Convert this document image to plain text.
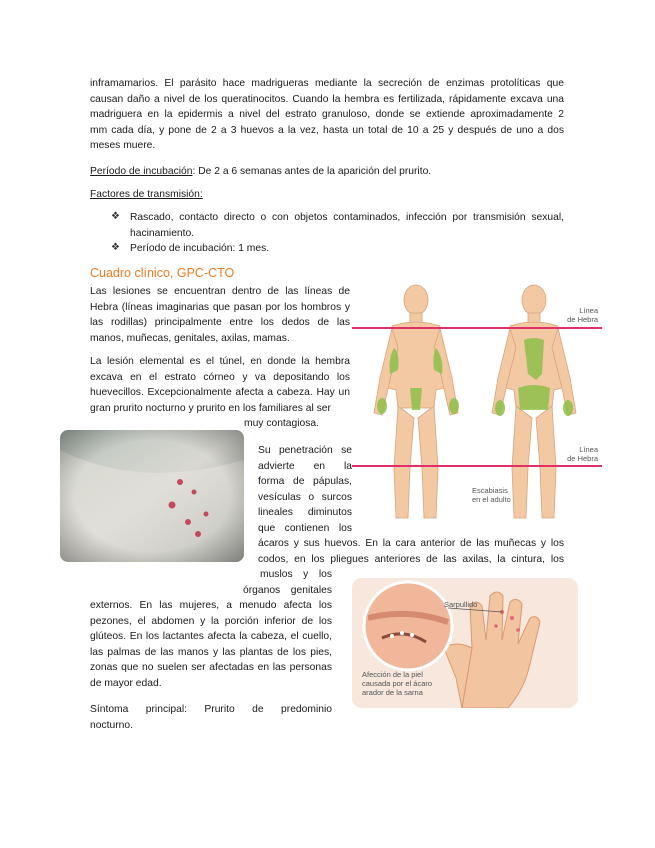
inframamarios. El parásito hace madrigueras mediante la secreción de enzimas protolíticas que
causan daño a nivel de los queratinocitos. Cuando la hembra es fertilizada, rápidamente excava una
madriguera en la epidermis a nivel del estrato granuloso, donde se extiende aproximadamente 2
mm cada día, y pone de 2 a 3 huevos a la vez, hasta un total de 10 a 25 y después de uno a dos
meses muere.
Período de incubación: De 2 a 6 semanas antes de la aparición del prurito.
Factores de transmisión:
❖ Rascado, contacto directo o con objetos contaminados, infección por transmisión sexual,
hacinamiento.
❖ Período de incubación: 1 mes.
Cuadro clínico, GPC-CTO
Las lesiones se encuentran dentro de las líneas de
Hebra (líneas imaginarias que pasan por los hombros y
las rodillas) principalmente entre los dedos de las
manos, muñecas, genitales, axilas, mamas.
La lesión elemental es el túnel, en donde la hembra
excava en el estrato córneo y va depositando los
huevecillos. Excepcionalmente afecta a cabeza. Hay un
gran prurito nocturno y prurito en los familiares al ser
muy contagiosa.
Su penetración se
advierte en la
forma de pápulas,
vesículas o surcos
lineales diminutos
que contienen los
ácaros y sus huevos. En la cara anterior de las muñecas y los
codos, en los pliegues anteriores de las axilas, la cintura, los
muslos y los
órganos genitales
externos. En las mujeres, a menudo afecta los
pezones, el abdomen y la porción inferior de los
glúteos. En los lactantes afecta la cabeza, el cuello,
las palmas de las manos y las plantas de los pies,
zonas que no suelen ser afectadas en las personas
de mayor edad.
Síntoma principal: Prurito de predominio
nocturno.
Línea
de Hebra
Línea
de Hebra
Escabiasis
en el adulto
Sarpullido
Afección de la piel
causada por el ácaro
arador de la sarna
